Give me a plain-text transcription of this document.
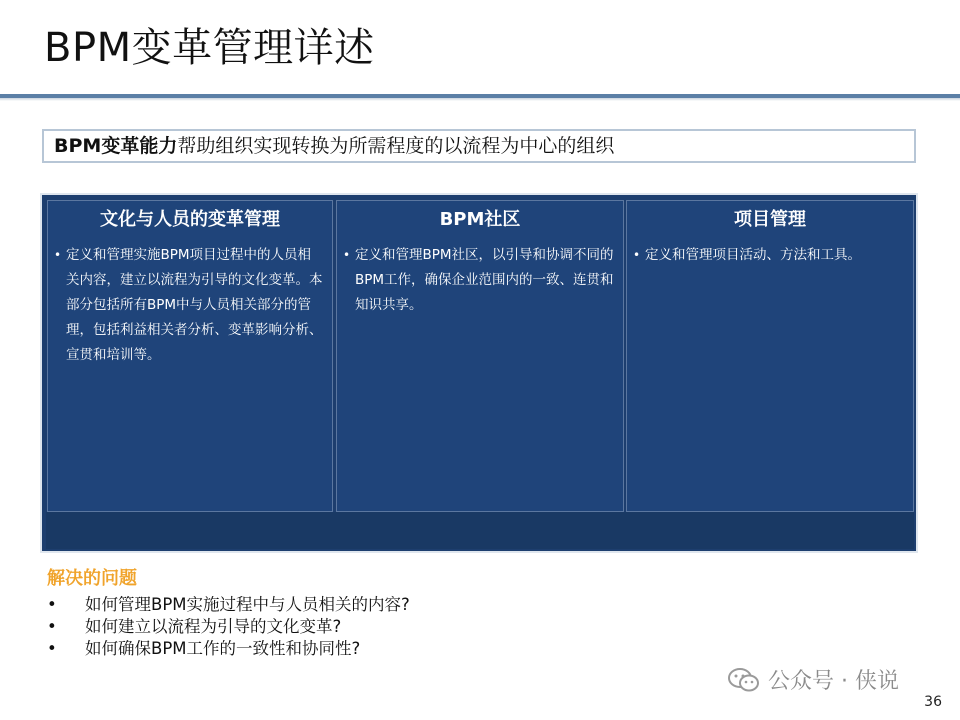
BPM变革管理详述
BPM变革能力帮助组织实现转换为所需程度的以流程为中心的组织
文化与人员的变革管理
• 定义和管理实施BPM项目过程中的人员相关内容，建立以流程为引导的文化变革。本部分包括所有BPM中与人员相关部分的管理，包括利益相关者分析、变革影响分析、宣贯和培训等。
BPM社区
• 定义和管理BPM社区，以引导和协调不同的BPM工作，确保企业范围内的一致、连贯和知识共享。
项目管理
• 定义和管理项目活动、方法和工具。
解决的问题
•	如何管理BPM实施过程中与人员相关的内容?
•	如何建立以流程为引导的文化变革?
•	如何确保BPM工作的一致性和协同性?
公众号 · 侠说
36
